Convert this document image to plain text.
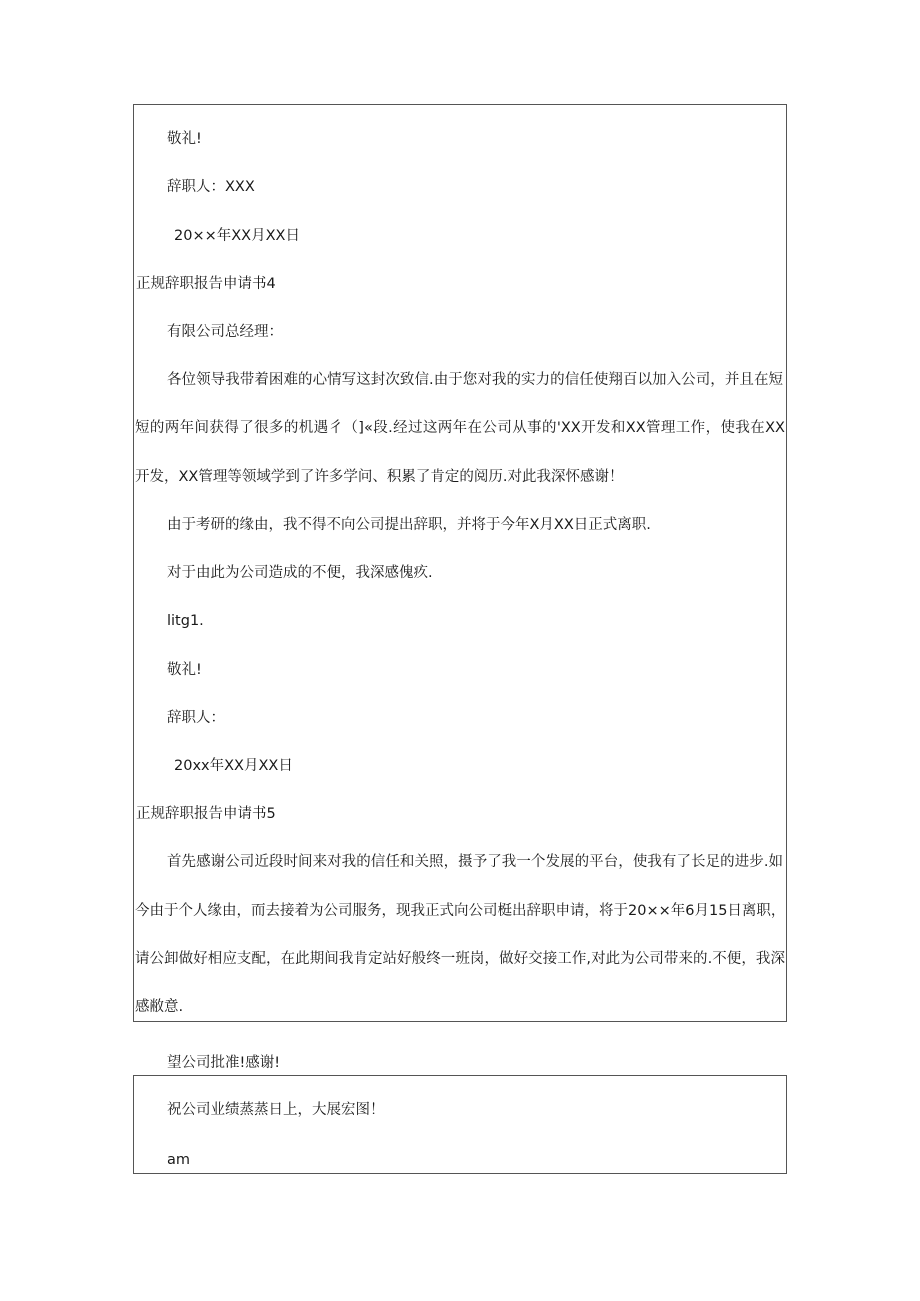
敬礼!
辞职人：XXX
20××年XX月XX日
正规辞职报告申请书4
有限公司总经理：
各位领导我带着困难的心情写这封次致信.由于您对我的实力的信任使翔百以加入公司，并且在短
短的两年间获得了很多的机遇彳（]«段.经过这两年在公司从事的'XX开发和XX管理工作，使我在XX
开发，XX管理等领域学到了许多学问、积累了肯定的阅历.对此我深怀感谢！
由于考研的缘由，我不得不向公司提出辞职，并将于今年X月XX日正式离职.
对于由此为公司造成的不便，我深感傀疚.
litg1.
敬礼!
辞职人：
20xx年XX月XX日
正规辞职报告申请书5
首先感谢公司近段时间来对我的信任和关照，摄予了我一个发展的平台，使我有了长足的进步.如
今由于个人缘由，而去接着为公司服务，现我正式向公司梃出辞职申请，将于20××年6月15日离职，
请公卸做好相应支配，在此期间我肯定站好般终一班岗，做好交接工作,对此为公司带来的.不便，我深
感敝意.
望公司批准!感谢!
祝公司业绩蒸蒸日上，大展宏图！
am
